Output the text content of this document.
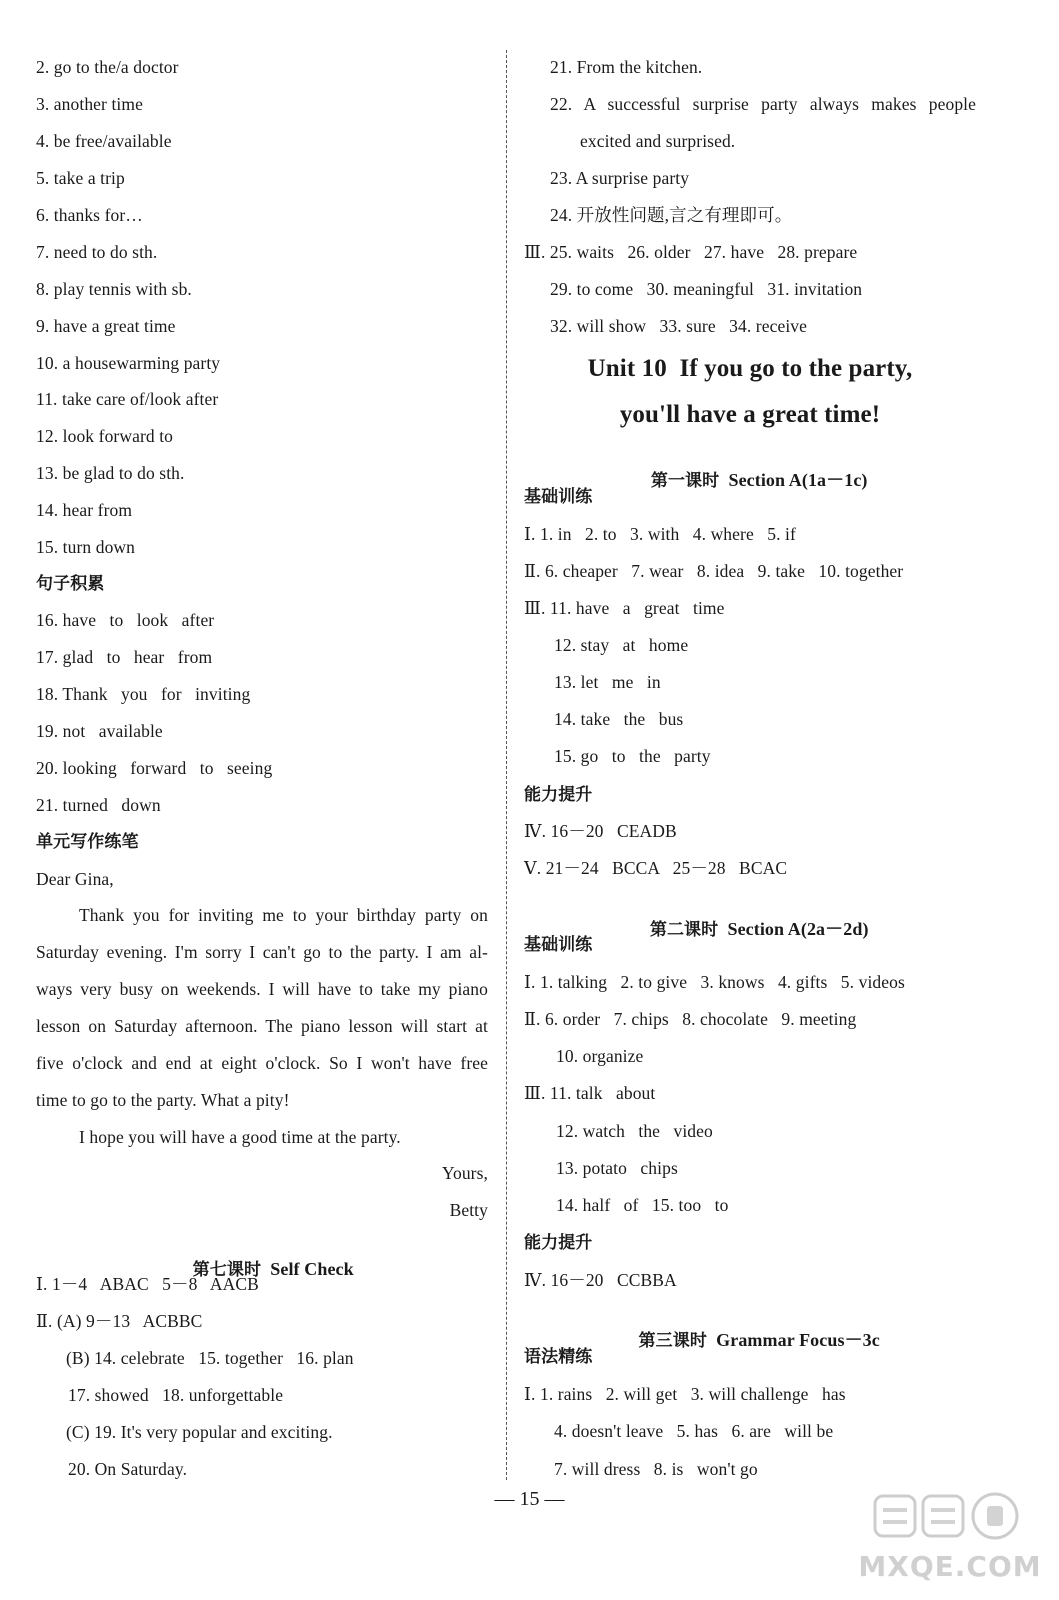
2. go to the/a doctor
3. another time
4. be free/available
5. take a trip
6. thanks for…
7. need to do sth.
8. play tennis with sb.
9. have a great time
10. a housewarming party
11. take care of/look after
12. look forward to
13. be glad to do sth.
14. hear from
15. turn down
句子积累
16. have   to   look   after
17. glad   to   hear   from
18. Thank   you   for   inviting
19. not   available
20. looking   forward   to   seeing
21. turned   down
单元写作练笔
Dear Gina,
Thank you for inviting me to your birthday party on
Saturday evening. I'm sorry I can't go to the party. I am al-
ways very busy on weekends. I will have to take my piano
lesson on Saturday afternoon. The piano lesson will start at
five o'clock and end at eight o'clock. So I won't have free
time to go to the party. What a pity!
I hope you will have a good time at the party.
Yours,
Betty

第七课时 Self Check

Ⅰ. 1－4   ABAC   5－8   AACB
Ⅱ. (A) 9－13   ACBBC
(B) 14. celebrate   15. together   16. plan
17. showed   18. unforgettable
(C) 19. It's very popular and exciting.
20. On Saturday.
21. From the kitchen.
22. A successful surprise party always makes people
excited and surprised.
23. A surprise party
24. 开放性问题,言之有理即可。
Ⅲ. 25. waits   26. older   27. have   28. prepare
29. to come   30. meaningful   31. invitation
32. will show   33. sure   34. receive
Unit 10  If you go to the party,
you'll have a great time!

第一课时 Section A(1a－1c)

基础训练
Ⅰ. 1. in   2. to   3. with   4. where   5. if
Ⅱ. 6. cheaper   7. wear   8. idea   9. take   10. together
Ⅲ. 11. have   a   great   time
12. stay   at   home
13. let   me   in
14. take   the   bus
15. go   to   the   party
能力提升
Ⅳ. 16－20   CEADB
Ⅴ. 21－24   BCCA   25－28   BCAC

第二课时 Section A(2a－2d)

基础训练
Ⅰ. 1. talking   2. to give   3. knows   4. gifts   5. videos
Ⅱ. 6. order   7. chips   8. chocolate   9. meeting
10. organize
Ⅲ. 11. talk   about
12. watch   the   video
13. potato   chips
14. half   of   15. too   to
能力提升
Ⅳ. 16－20   CCBBA

第三课时 Grammar Focus－3c

语法精练
Ⅰ. 1. rains   2. will get   3. will challenge   has
4. doesn't leave   5. has   6. are   will be
7. will dress   8. is   won't go
— 15 —
MXQE.COM
